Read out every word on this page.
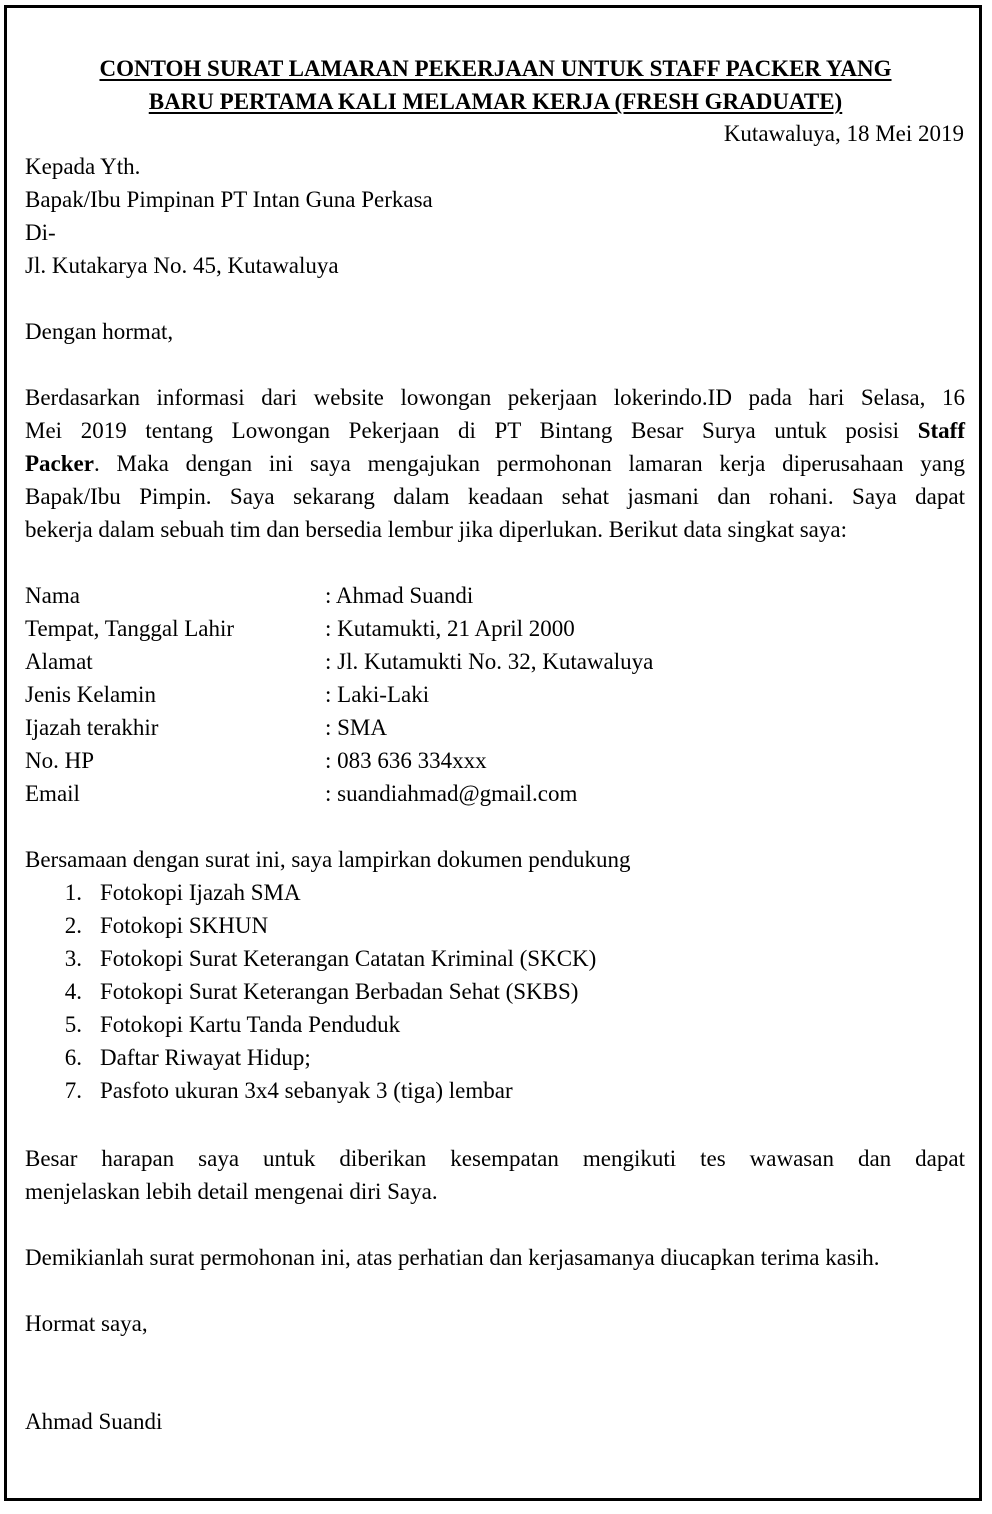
CONTOH SURAT LAMARAN PEKERJAAN UNTUK STAFF PACKER YANG
BARU PERTAMA KALI MELAMAR KERJA (FRESH GRADUATE)
Kutawaluya, 18 Mei 2019
Kepada Yth.
Bapak/Ibu Pimpinan PT Intan Guna Perkasa
Di-
Jl. Kutakarya No. 45, Kutawaluya
Dengan hormat,
Berdasarkan informasi dari website lowongan pekerjaan lokerindo.ID pada hari Selasa, 16
Mei 2019 tentang Lowongan Pekerjaan di PT Bintang Besar Surya untuk posisi Staff
Packer. Maka dengan ini saya mengajukan permohonan lamaran kerja diperusahaan yang
Bapak/Ibu Pimpin. Saya sekarang dalam keadaan sehat jasmani dan rohani. Saya dapat
bekerja dalam sebuah tim dan bersedia lembur jika diperlukan. Berikut data singkat saya:
Nama	: Ahmad Suandi
Tempat, Tanggal Lahir	: Kutamukti, 21 April 2000
Alamat	: Jl. Kutamukti No. 32, Kutawaluya
Jenis Kelamin	: Laki-Laki
Ijazah terakhir	: SMA
No. HP	: 083 636 334xxx
Email	: suandiahmad@gmail.com
Bersamaan dengan surat ini, saya lampirkan dokumen pendukung
1. Fotokopi Ijazah SMA
2. Fotokopi SKHUN
3. Fotokopi Surat Keterangan Catatan Kriminal (SKCK)
4. Fotokopi Surat Keterangan Berbadan Sehat (SKBS)
5. Fotokopi Kartu Tanda Penduduk
6. Daftar Riwayat Hidup;
7. Pasfoto ukuran 3x4 sebanyak 3 (tiga) lembar
Besar harapan saya untuk diberikan kesempatan mengikuti tes wawasan dan dapat
menjelaskan lebih detail mengenai diri Saya.
Demikianlah surat permohonan ini, atas perhatian dan kerjasamanya diucapkan terima kasih.
Hormat saya,
Ahmad Suandi
